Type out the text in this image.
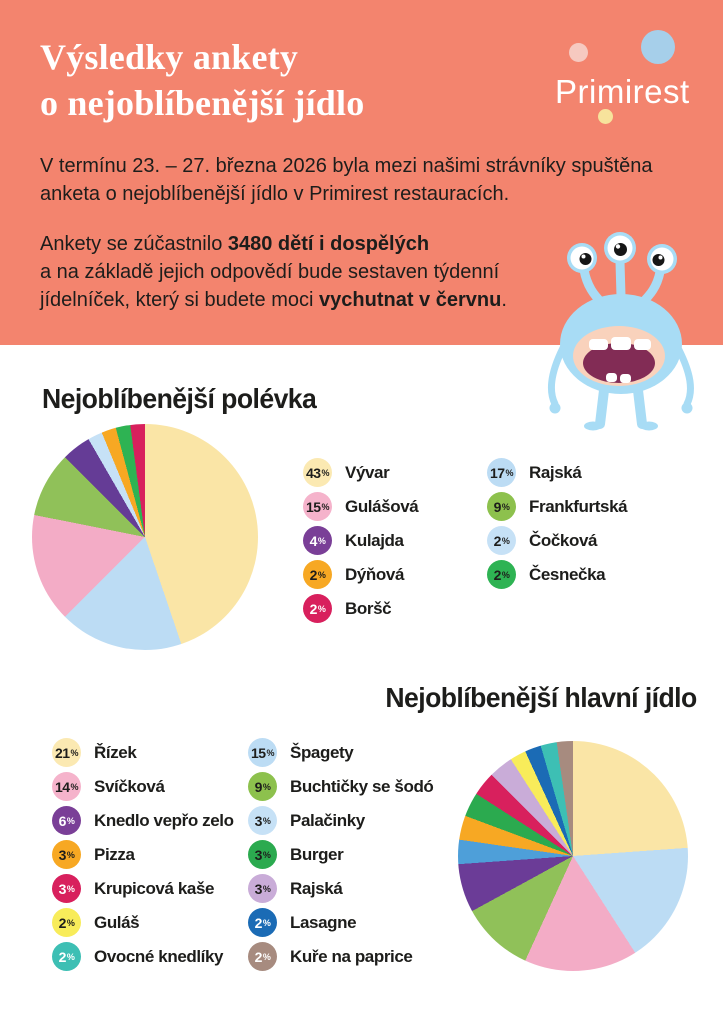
Výsledky ankety
o nejoblíbenější jídlo	Primirest

V termínu 23. – 27. března 2026 byla mezi našimi strávníky spuštěna anketa o nejoblíbenější jídlo v Primirest restauracích.

Ankety se zúčastnilo 3480 dětí i dospělých
a na základě jejich odpovědí bude sestaven týdenní jídelníček, který si budete moci vychutnat v červnu.

Nejoblíbenější polévka
43 % Vývar
15 % Gulášová
4 % Kulajda
2 % Dýňová
2 % Boršč
17 % Rajská
9 % Frankfurtská
2 % Čočková
2 % Česnečka
Nejoblíbenější hlavní jídlo
21 % Řízek
14 % Svíčková
6 % Knedlo vepřo zelo
3 % Pizza
3 % Krupicová kaše
2 % Guláš
2 % Ovocné knedlíky
15 % Špagety
9 % Buchtičky se šodó
3 % Palačinky
3 % Burger
3 % Rajská
2 % Lasagne
2 % Kuře na paprice
